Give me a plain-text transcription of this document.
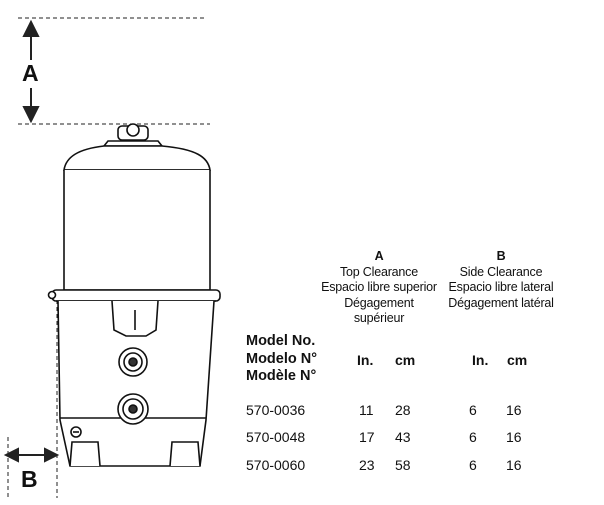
A
B
A
Top Clearance
Espacio libre superior
Dégagement supérieur
B
Side Clearance
Espacio libre lateral
Dégagement latéral
Model No.
Modelo N°
Modèle N°
In. cm	In. cm
570-0036	11 28	6 16
570-0048	17 43	6 16
570-0060	23 58	6 16
